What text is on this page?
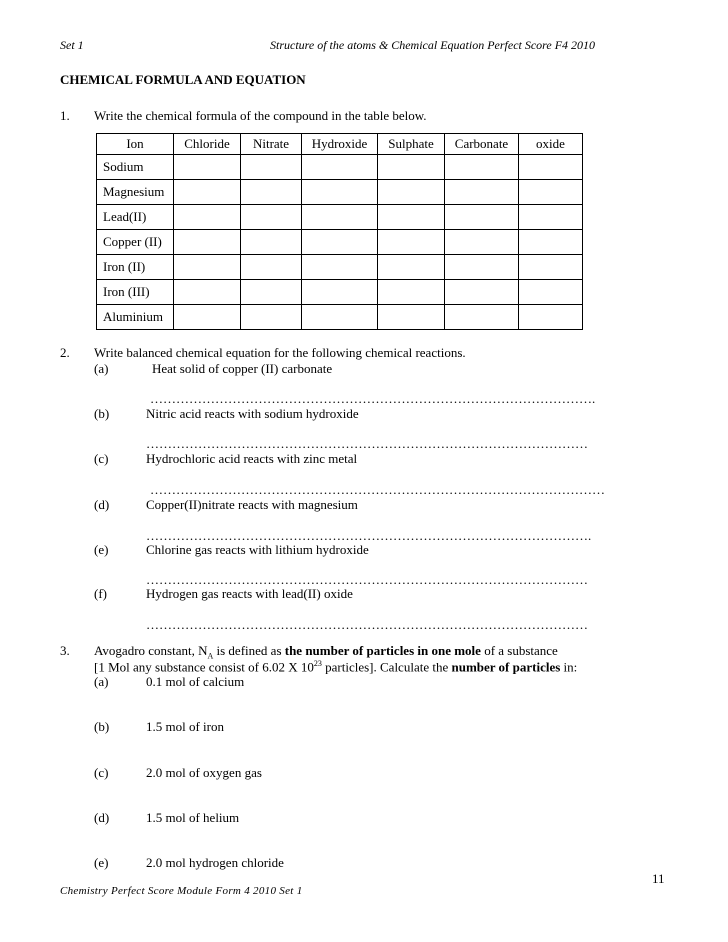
Set 1	Structure of the atoms & Chemical Equation Perfect Score F4 2010
CHEMICAL FORMULA AND EQUATION
1. Write the chemical formula of the compound in the table below.
Ion	Chloride	Nitrate	Hydroxide	Sulphate	Carbonate	oxide
Sodium						
Magnesium						
Lead(II)						
Copper (II)						
Iron (II)						
Iron (III)						
Aluminium						
2. Write balanced chemical equation for the following chemical reactions.
(a)	Heat solid of copper (II) carbonate
………………………………………………………………………………………….
(b)	Nitric acid reacts with sodium hydroxide
…………………………………………………………………………………………
(c)	Hydrochloric acid reacts with zinc metal
……………………………………………………………………………………………
(d)	Copper(II)nitrate reacts with magnesium
………………………………………………………………………………………….
(e)	Chlorine gas reacts with lithium hydroxide
…………………………………………………………………………………………
(f)	Hydrogen gas reacts with lead(II) oxide
…………………………………………………………………………………………
3. Avogadro constant, $N_A$ is defined as the number of particles in one mole of a substance
[1 Mol any substance consist of 6.02 X $10^{23}$ particles]. Calculate the number of particles in:
(a)	0.1 mol of calcium
(b)	1.5 mol of iron
(c)	2.0 mol of oxygen gas
(d)	1.5 mol of helium
(e)	2.0 mol hydrogen chloride
11
Chemistry Perfect Score Module Form 4 2010 Set 1
